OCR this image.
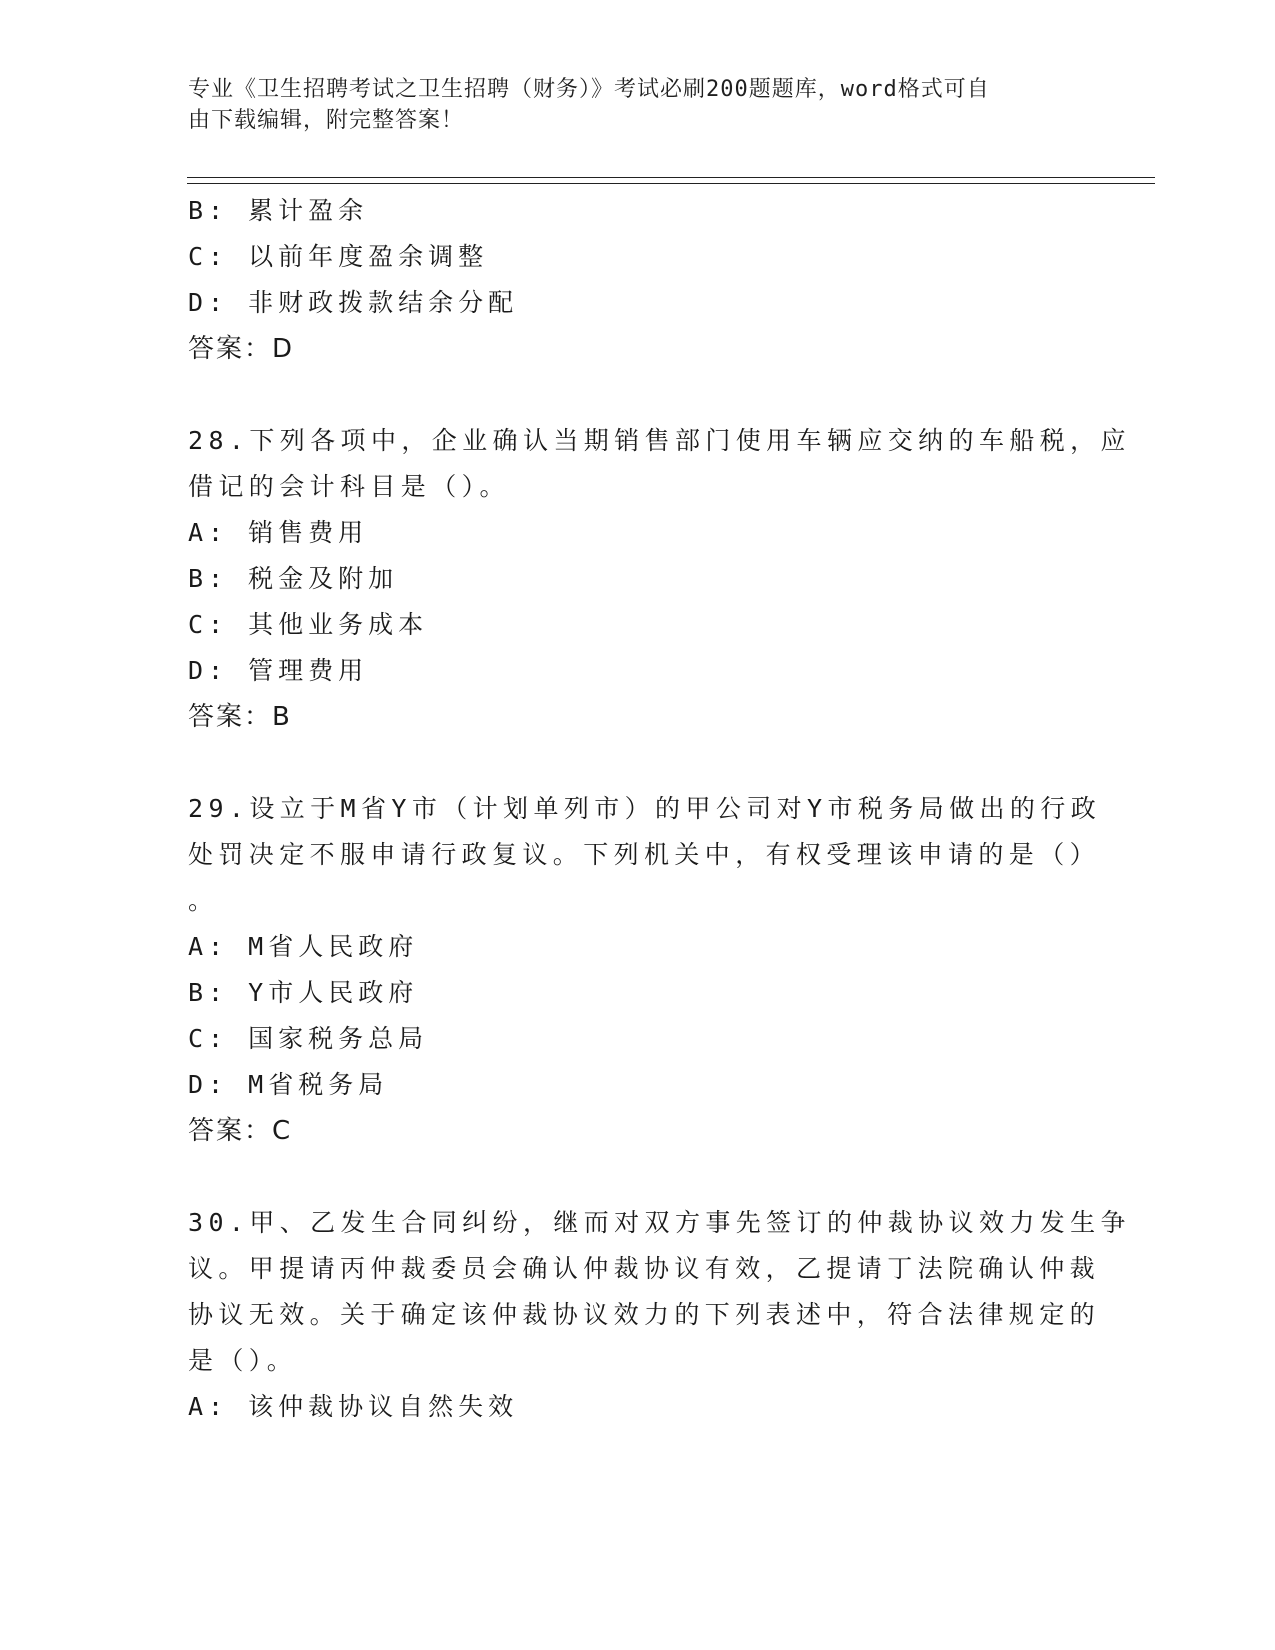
专业《卫生招聘考试之卫生招聘（财务）》考试必刷200题题库，word格式可自
由下载编辑，附完整答案！
B: 累计盈余
C: 以前年度盈余调整
D: 非财政拨款结余分配
答案：D
28.下列各项中，企业确认当期销售部门使用车辆应交纳的车船税，应
借记的会计科目是（）。
A: 销售费用
B: 税金及附加
C: 其他业务成本
D: 管理费用
答案：B
29.设立于M省Y市（计划单列市）的甲公司对Y市税务局做出的行政
处罚决定不服申请行政复议。下列机关中，有权受理该申请的是（）
。
A: M省人民政府
B: Y市人民政府
C: 国家税务总局
D: M省税务局
答案：C
30.甲、乙发生合同纠纷，继而对双方事先签订的仲裁协议效力发生争
议。甲提请丙仲裁委员会确认仲裁协议有效，乙提请丁法院确认仲裁
协议无效。关于确定该仲裁协议效力的下列表述中，符合法律规定的
是（）。
A: 该仲裁协议自然失效
